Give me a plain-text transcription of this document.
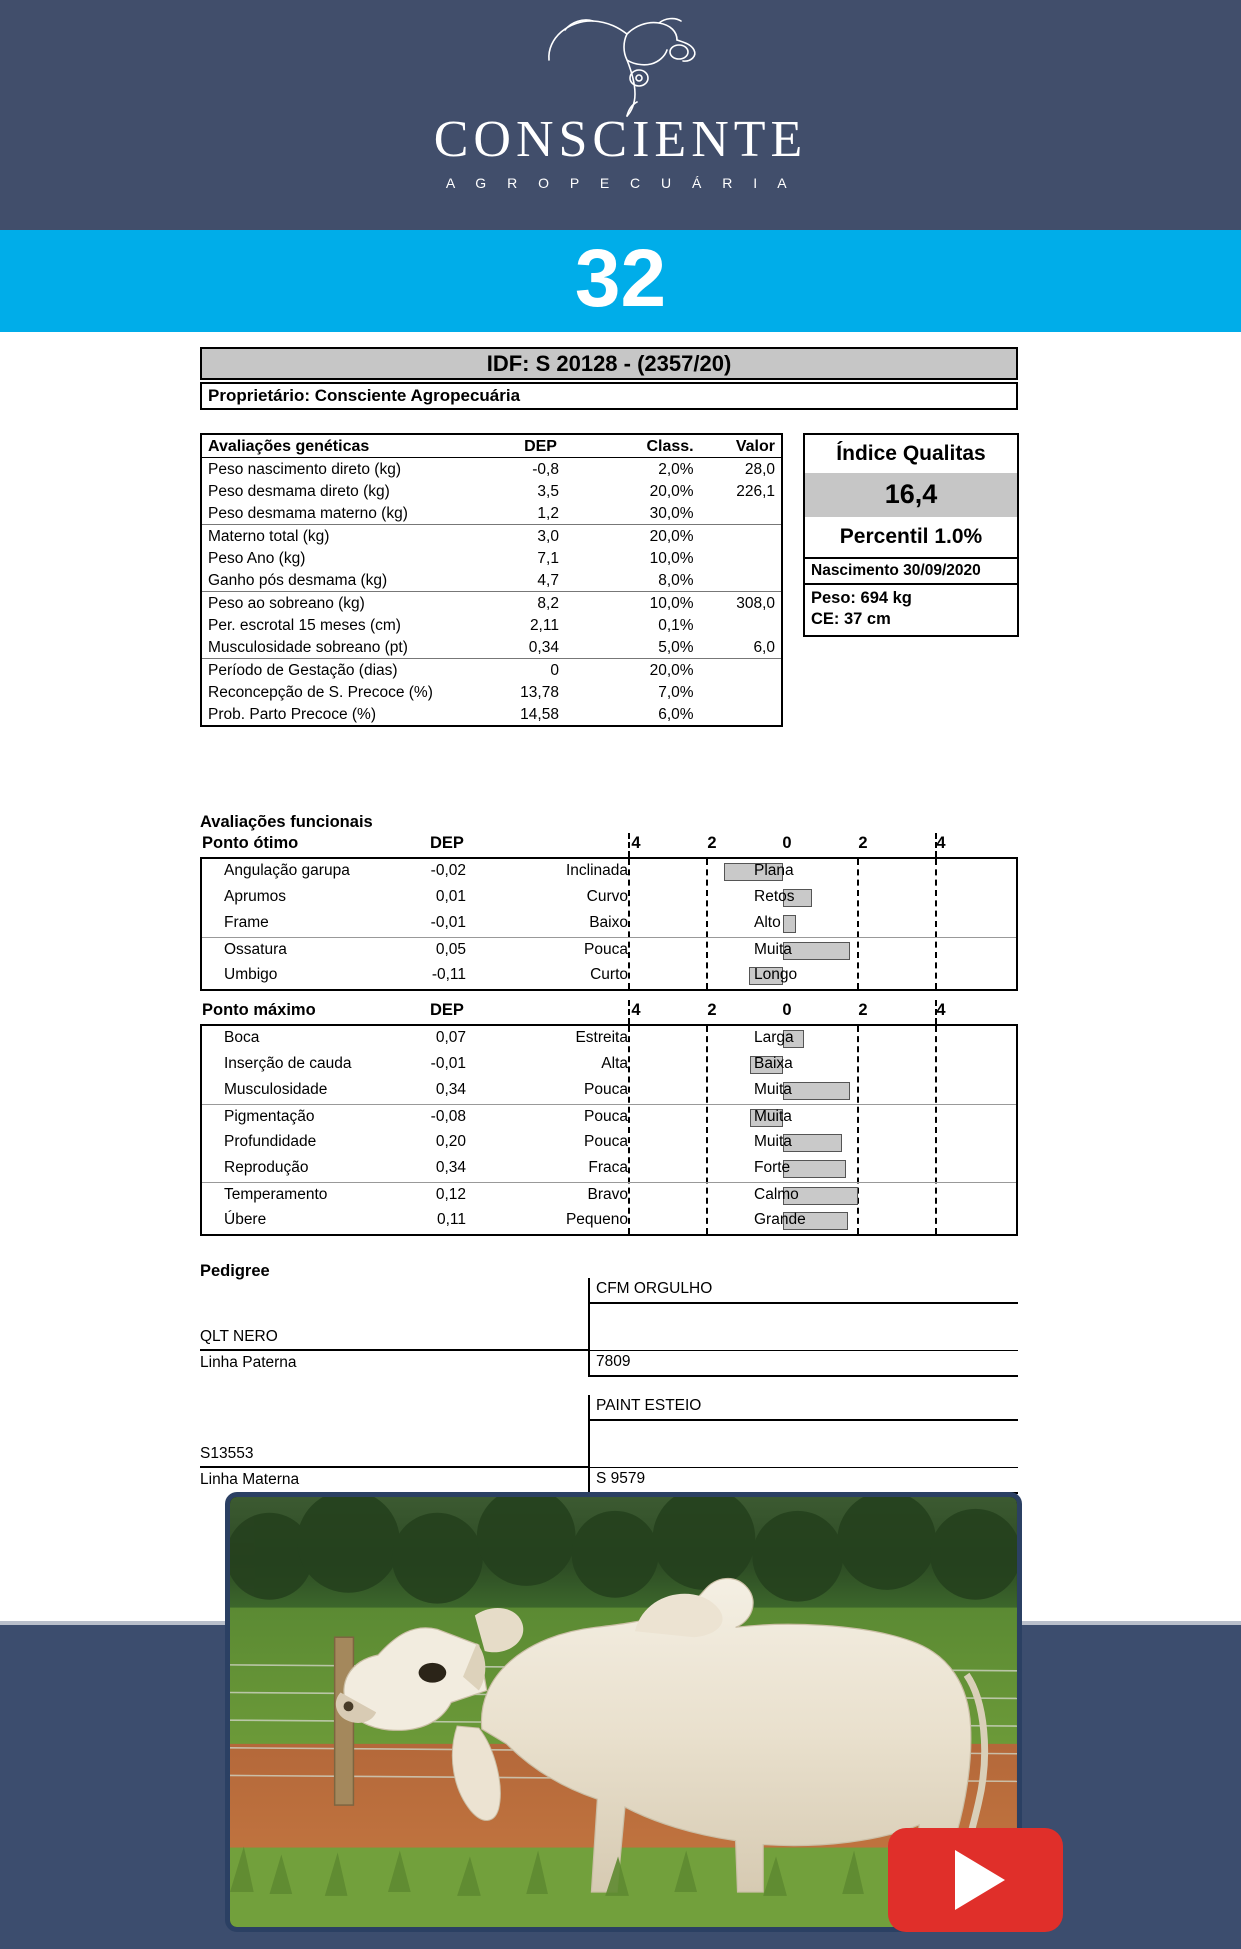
CONSCIENTE
A G R O P E C U Á R I A
32
IDF: S 20128 - (2357/20)
Proprietário: Consciente Agropecuária
Avaliações genéticas	DEP	Class.	Valor
Peso nascimento direto (kg)	-0,8	2,0%	28,0
Peso desmama direto (kg)	3,5	20,0%	226,1
Peso desmama materno (kg)	1,2	30,0%	
Materno total (kg)	3,0	20,0%	
Peso Ano (kg)	7,1	10,0%	
Ganho pós desmama (kg)	4,7	8,0%	
Peso ao sobreano (kg)	8,2	10,0%	308,0
Per. escrotal 15 meses (cm)	2,11	0,1%	
Musculosidade sobreano (pt)	0,34	5,0%	6,0
Período de Gestação (dias)	0	20,0%	
Reconcepção de S. Precoce (%)	13,78	7,0%	
Prob. Parto Precoce (%)	14,58	6,0%	
Índice Qualitas
16,4
Percentil 1.0%
Nascimento 30/09/2020
Peso: 694 kg
CE: 37 cm
Avaliações funcionais
Ponto ótimo	DEP	4	2	0	2	4
Angulação garupa	-0,02	Inclinada	Plana
Aprumos	0,01	Curvo	Retos
Frame	-0,01	Baixo	Alto
Ossatura	0,05	Pouca	Muita
Umbigo	-0,11	Curto	Longo
Ponto máximo	DEP	4	2	0	2	4
Boca	0,07	Estreita	Larga
Inserção de cauda	-0,01	Alta	Baixa
Musculosidade	0,34	Pouca	Muita
Pigmentação	-0,08	Pouca	Muita
Profundidade	0,20	Pouca	Muita
Reprodução	0,34	Fraca	Forte
Temperamento	0,12	Bravo	Calmo
Úbere	0,11	Pequeno	Grande
Pedigree
CFM ORGULHO
7809
QLT NERO
Linha Paterna
PAINT ESTEIO
S 9579
S13553
Linha Materna
